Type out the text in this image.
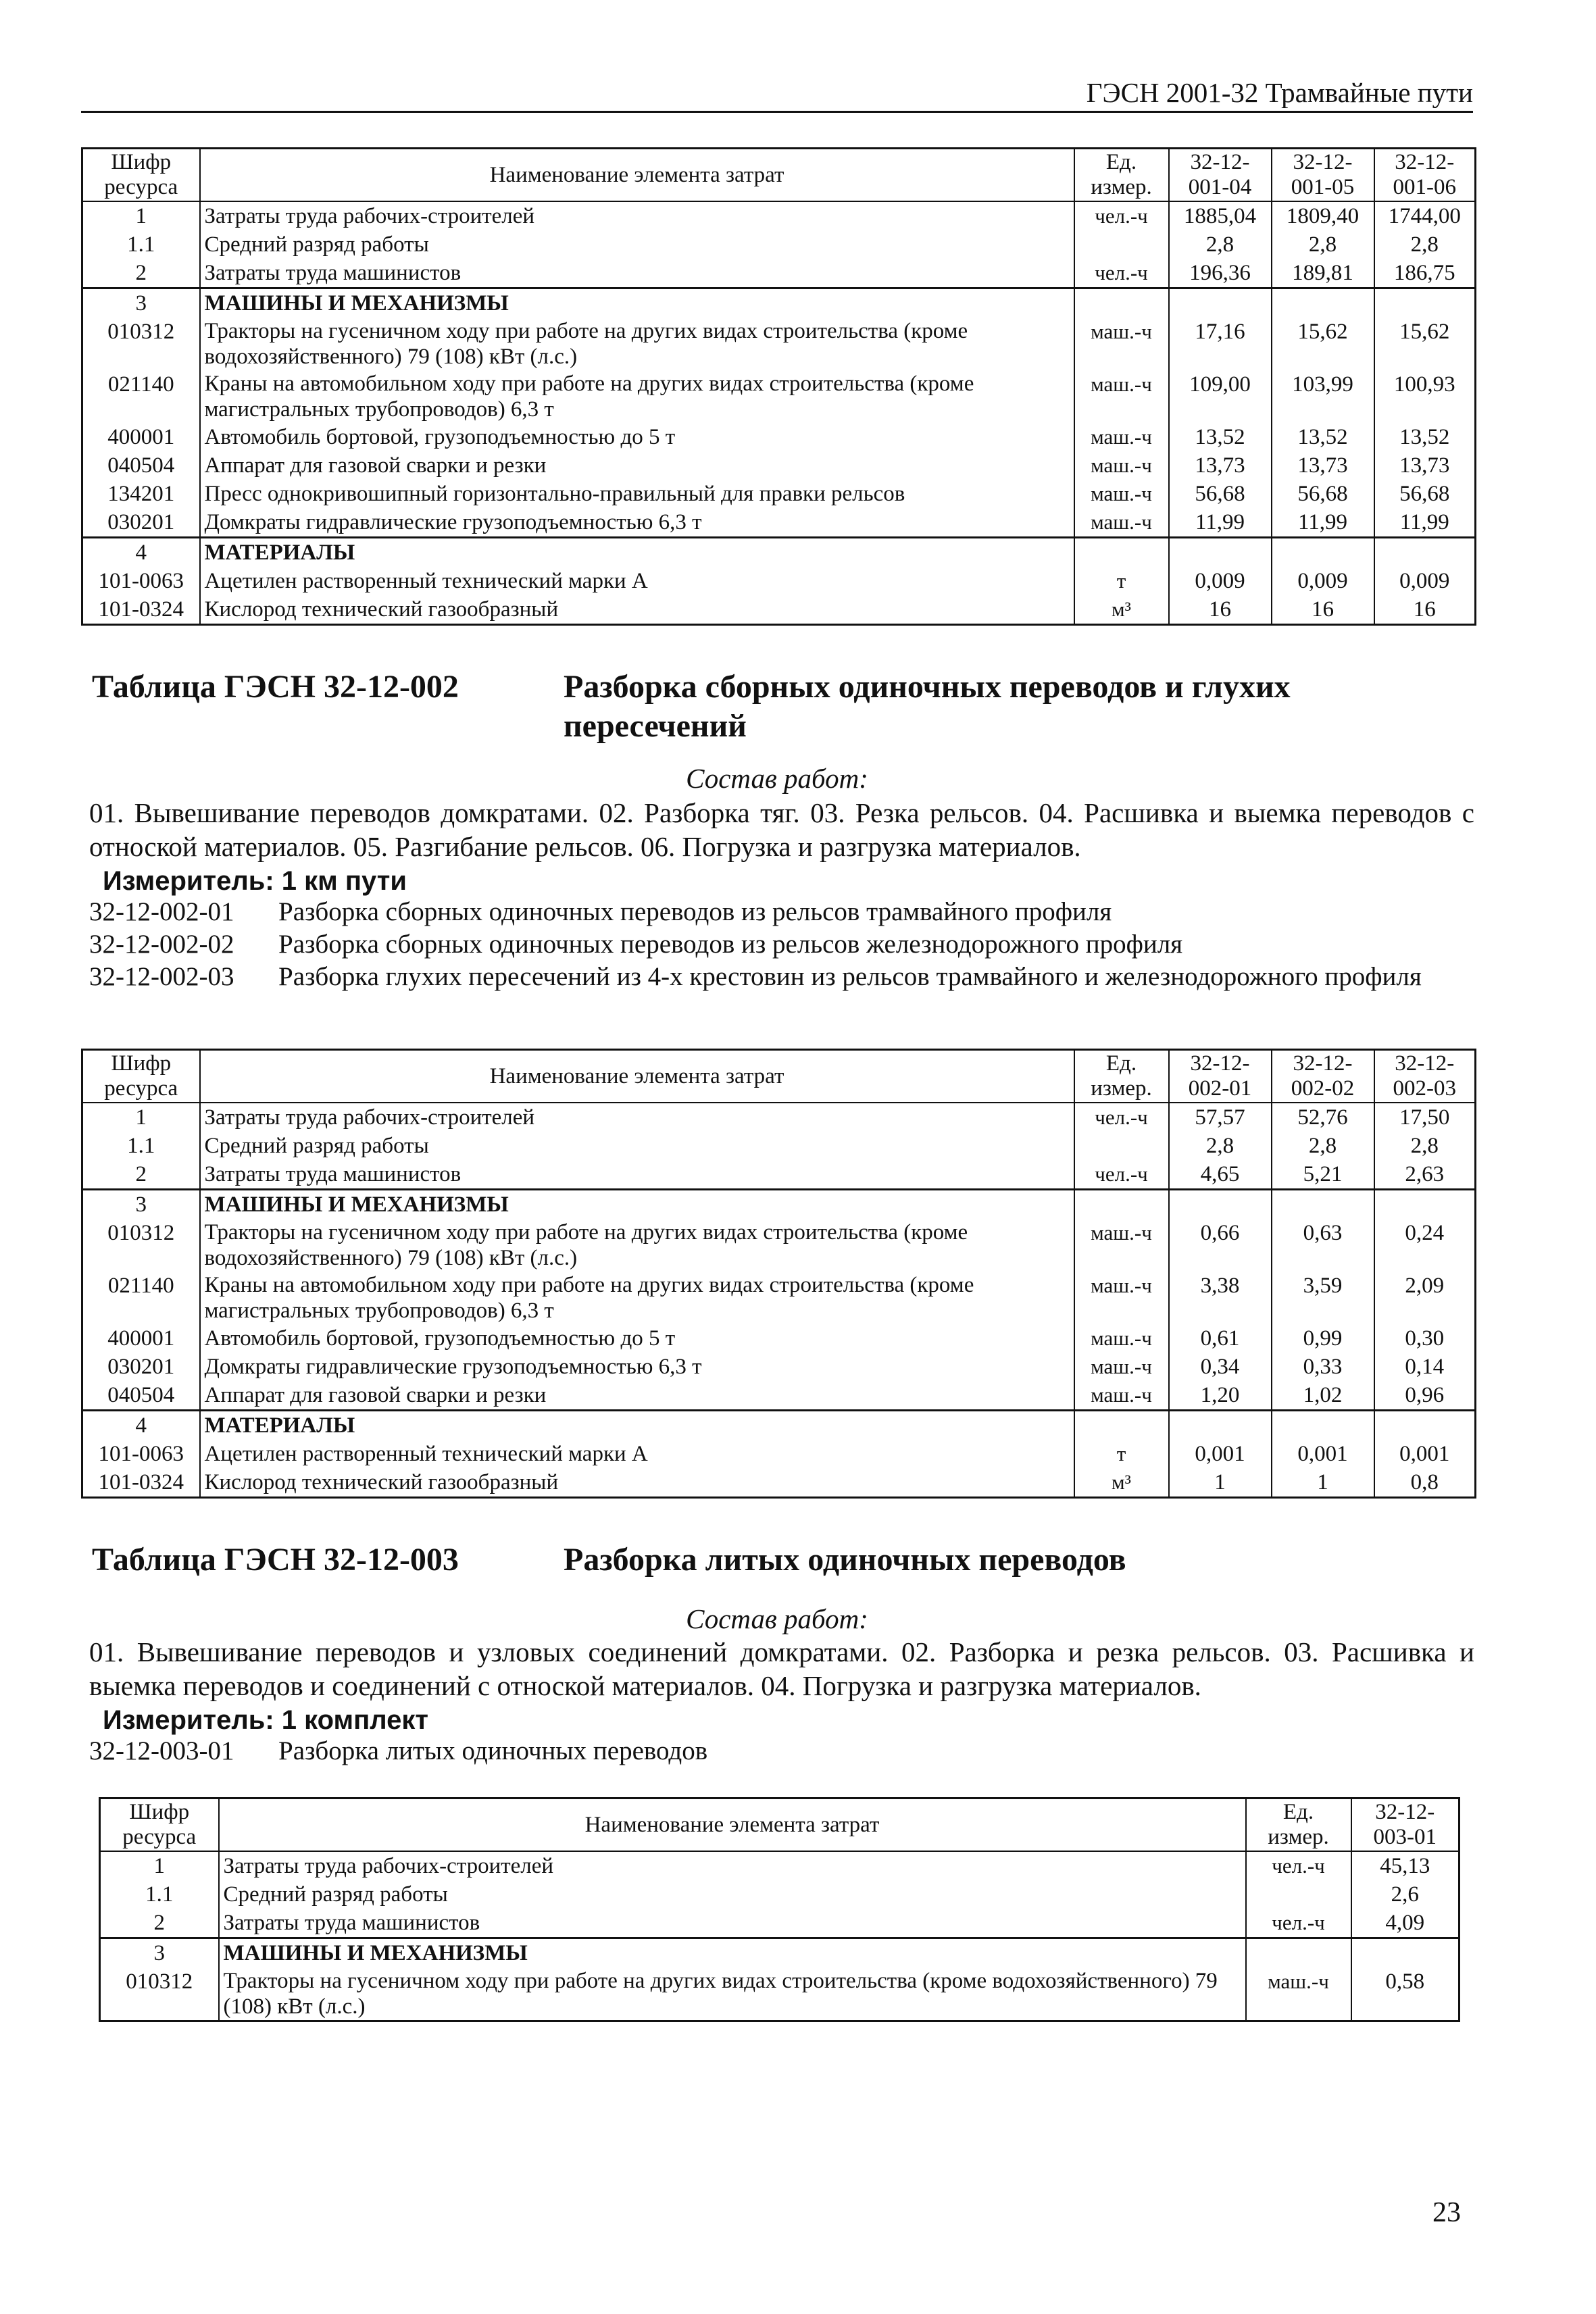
ГЭСН 2001-32 Трамвайные пути
Шифр ресурса	Наименование элемента затрат	Ед. измер.	32-12-
001-04	32-12-
001-05	32-12-
001-06

1	Затраты труда рабочих-строителей	чел.-ч	1885,04	1809,40	1744,00
1.1	Средний разряд работы		2,8	2,8	2,8
2	Затраты труда машинистов	чел.-ч	196,36	189,81	186,75
3	МАШИНЫ И МЕХАНИЗМЫ				
010312	Тракторы на гусеничном ходу при работе на других видах строительства (кроме водохозяйственного) 79 (108) кВт (л.с.)	маш.-ч	17,16	15,62	15,62
021140	Краны на автомобильном ходу при работе на других видах строительства (кроме магистральных трубопроводов) 6,3 т	маш.-ч	109,00	103,99	100,93
400001	Автомобиль бортовой, грузоподъемностью до 5 т	маш.-ч	13,52	13,52	13,52
040504	Аппарат для газовой сварки и резки	маш.-ч	13,73	13,73	13,73
134201	Пресс однокривошипный горизонтально-правильный для правки рельсов	маш.-ч	56,68	56,68	56,68
030201	Домкраты гидравлические грузоподъемностью 6,3 т	маш.-ч	11,99	11,99	11,99
4	МАТЕРИАЛЫ				
101-0063	Ацетилен растворенный технический марки А	т	0,009	0,009	0,009
101-0324	Кислород технический газообразный	м³	16	16	16
Таблица ГЭСН 32-12-002	Разборка сборных одиночных переводов и глухих
пересечений
Состав работ:
01. Вывешивание переводов домкратами. 02. Разборка тяг. 03. Резка рельсов. 04. Расшивка и выемка переводов с отноской материалов. 05. Разгибание рельсов. 06. Погрузка и разгрузка материалов.
Измеритель: 1 км пути
32-12-002-01	Разборка сборных одиночных переводов из рельсов трамвайного профиля
32-12-002-02	Разборка сборных одиночных переводов из рельсов железнодорожного профиля
32-12-002-03	Разборка глухих пересечений из 4-х крестовин из рельсов трамвайного и железнодорожного профиля
Шифр ресурса	Наименование элемента затрат	Ед. измер.	32-12-
002-01	32-12-
002-02	32-12-
002-03

1	Затраты труда рабочих-строителей	чел.-ч	57,57	52,76	17,50
1.1	Средний разряд работы		2,8	2,8	2,8
2	Затраты труда машинистов	чел.-ч	4,65	5,21	2,63
3	МАШИНЫ И МЕХАНИЗМЫ				
010312	Тракторы на гусеничном ходу при работе на других видах строительства (кроме водохозяйственного) 79 (108) кВт (л.с.)	маш.-ч	0,66	0,63	0,24
021140	Краны на автомобильном ходу при работе на других видах строительства (кроме магистральных трубопроводов) 6,3 т	маш.-ч	3,38	3,59	2,09
400001	Автомобиль бортовой, грузоподъемностью до 5 т	маш.-ч	0,61	0,99	0,30
030201	Домкраты гидравлические грузоподъемностью 6,3 т	маш.-ч	0,34	0,33	0,14
040504	Аппарат для газовой сварки и резки	маш.-ч	1,20	1,02	0,96
4	МАТЕРИАЛЫ				
101-0063	Ацетилен растворенный технический марки А	т	0,001	0,001	0,001
101-0324	Кислород технический газообразный	м³	1	1	0,8
Таблица ГЭСН 32-12-003	Разборка литых одиночных переводов
Состав работ:
01. Вывешивание переводов и узловых соединений домкратами. 02. Разборка и резка рельсов. 03. Расшивка и выемка переводов и соединений с отноской материалов. 04. Погрузка и разгрузка материалов.
Измеритель: 1 комплект
32-12-003-01	Разборка литых одиночных переводов
Шифр ресурса	Наименование элемента затрат	Ед. измер.	32-12-
003-01

1	Затраты труда рабочих-строителей	чел.-ч	45,13
1.1	Средний разряд работы		2,6
2	Затраты труда машинистов	чел.-ч	4,09
3	МАШИНЫ И МЕХАНИЗМЫ		
010312	Тракторы на гусеничном ходу при работе на других видах строительства (кроме водохозяйственного) 79 (108) кВт (л.с.)	маш.-ч	0,58
23
